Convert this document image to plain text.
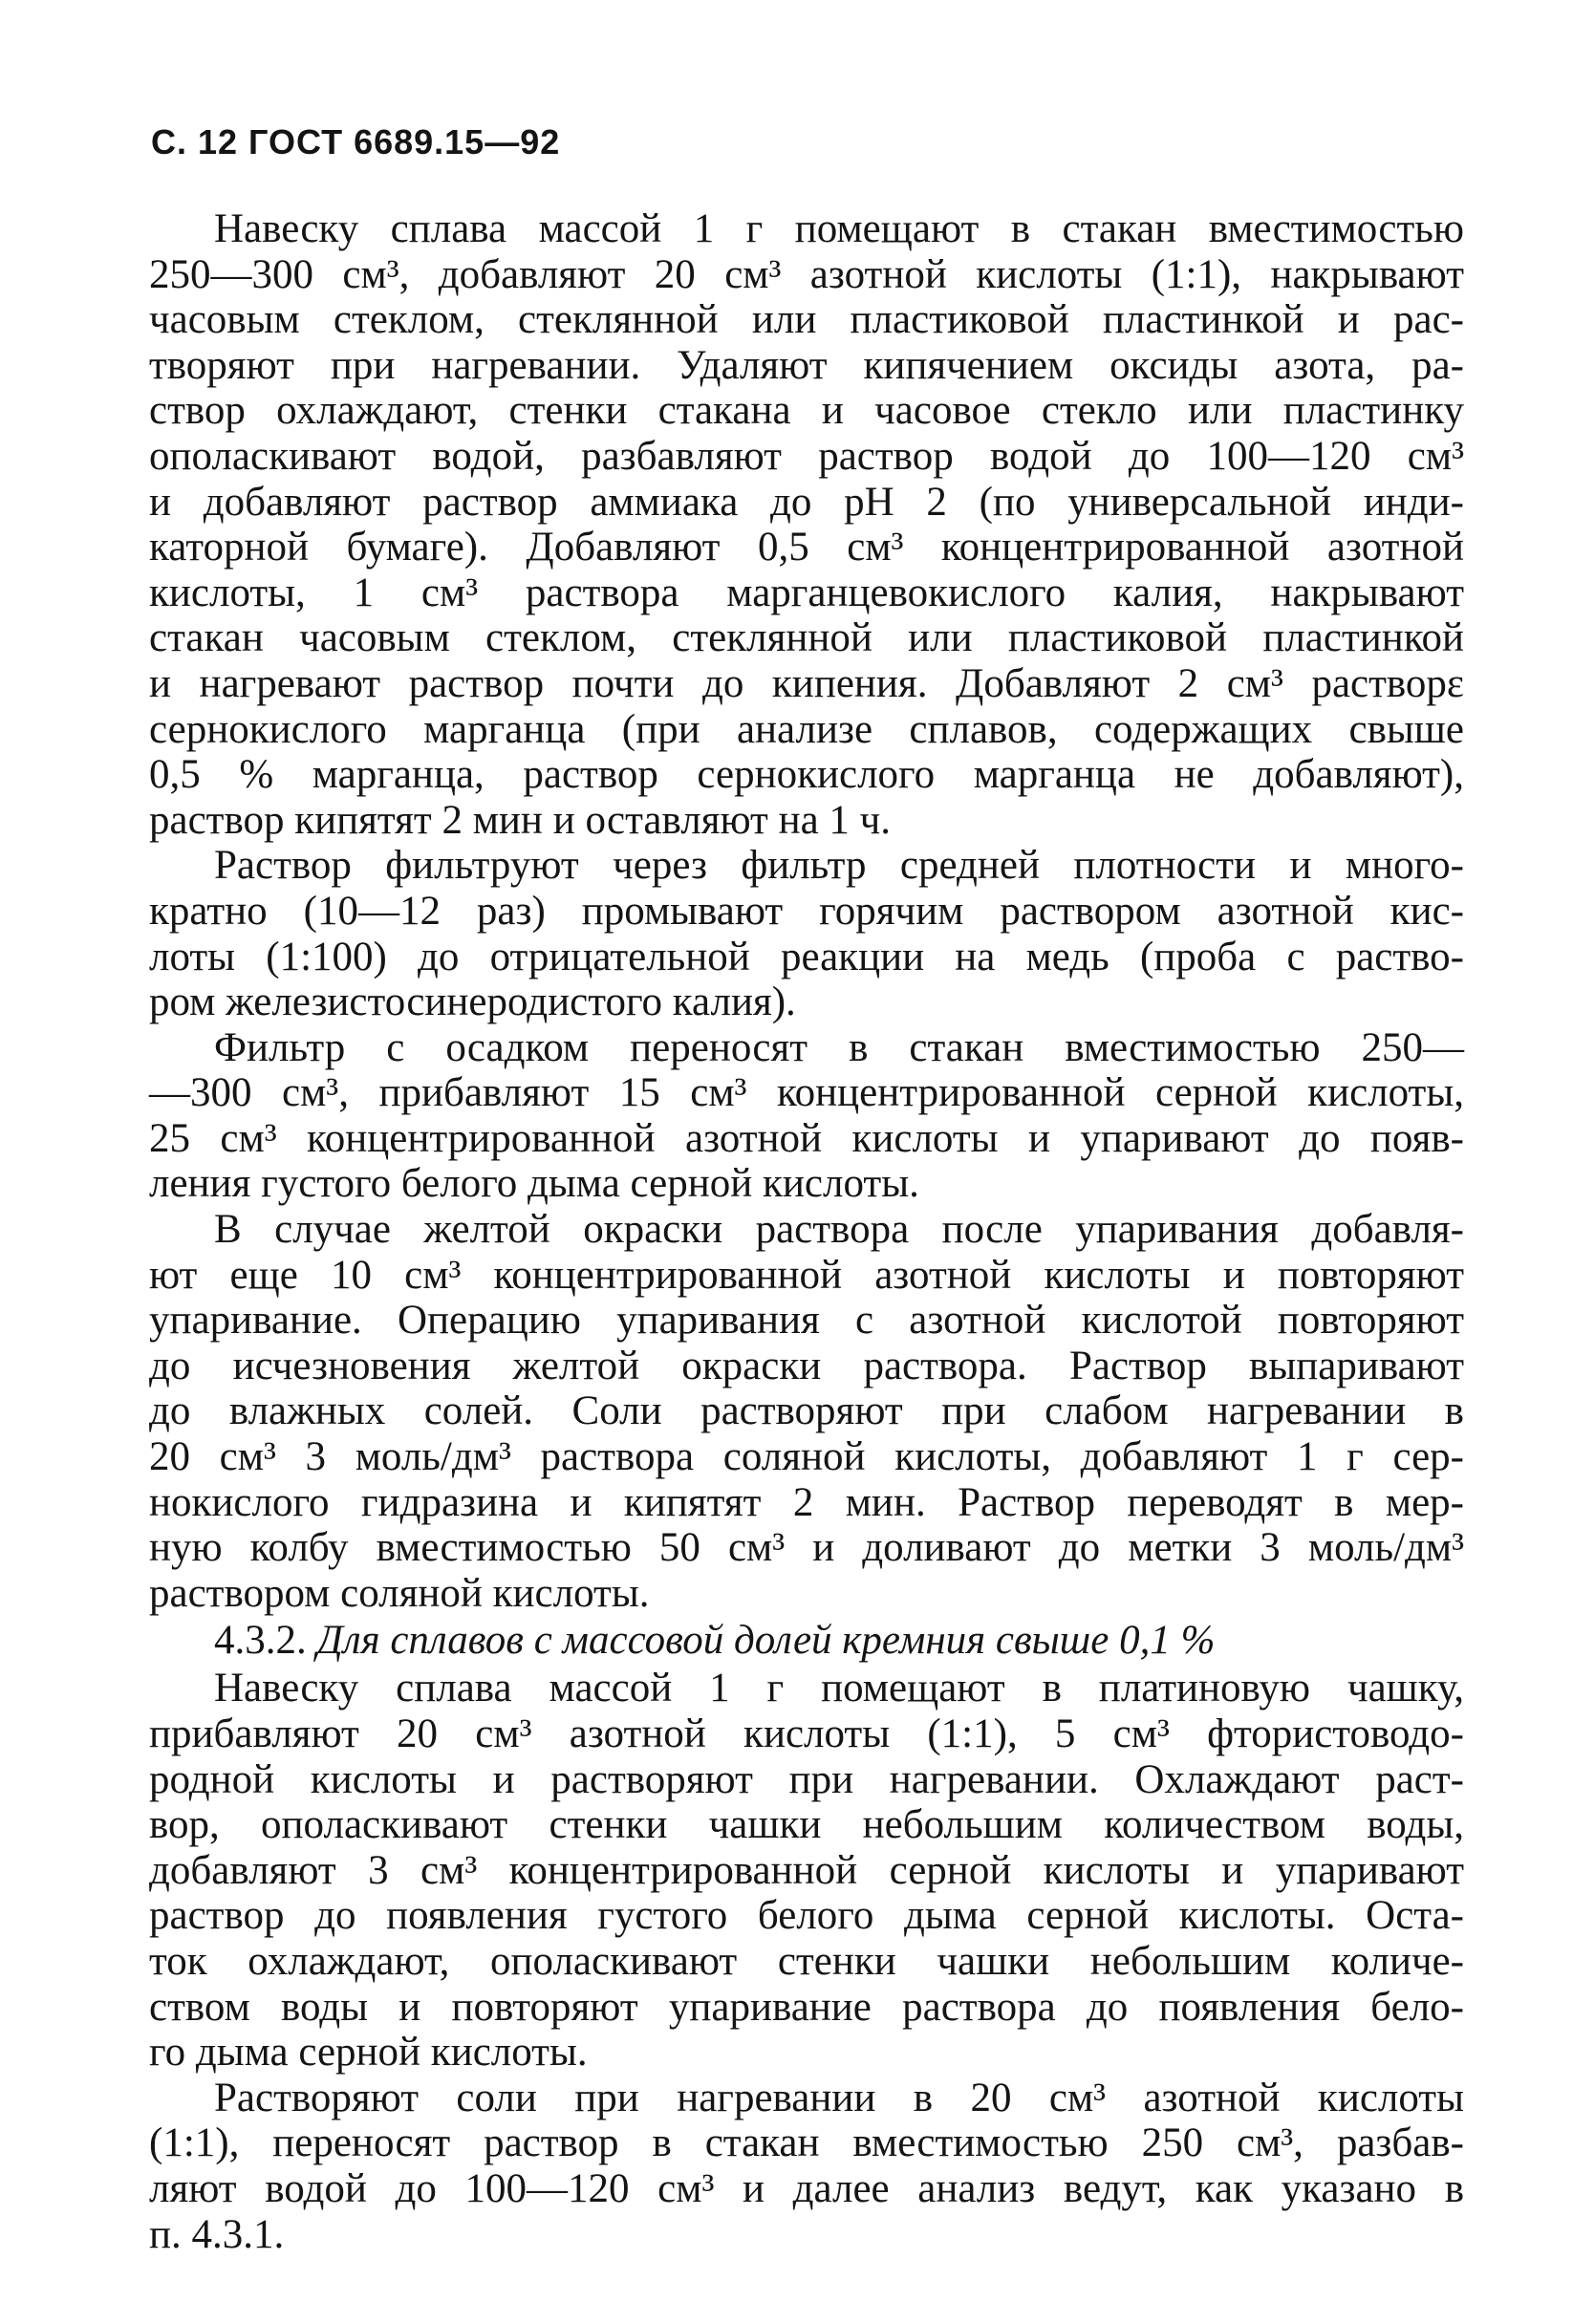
С. 12 ГОСТ 6689.15—92
Навеску сплава массой 1 г помещают в стакан вместимостью
250—300 см³, добавляют 20 см³ азотной кислоты (1:1), накрывают
часовым стеклом, стеклянной или пластиковой пластинкой и рас-
творяют при нагревании. Удаляют кипячением оксиды азота, ра-
створ охлаждают, стенки стакана и часовое стекло или пластинку
ополаскивают водой, разбавляют раствор водой до 100—120 см³
и добавляют раствор аммиака до pH 2 (по универсальной инди-
каторной бумаге). Добавляют 0,5 см³ концентрированной азотной
кислоты, 1 см³ раствора марганцевокислого калия, накрывают
стакан часовым стеклом, стеклянной или пластиковой пластинкой
и нагревают раствор почти до кипения. Добавляют 2 см³ растворε
сернокислого марганца (при анализе сплавов, содержащих свыше
0,5 % марганца, раствор сернокислого марганца не добавляют),
раствор кипятят 2 мин и оставляют на 1 ч.
Раствор фильтруют через фильтр средней плотности и много-
кратно (10—12 раз) промывают горячим раствором азотной кис-
лоты (1:100) до отрицательной реакции на медь (проба с раство-
ром железистосинеродистого калия).
Фильтр с осадком переносят в стакан вместимостью 250—
—300 см³, прибавляют 15 см³ концентрированной серной кислоты,
25 см³ концентрированной азотной кислоты и упаривают до появ-
ления густого белого дыма серной кислоты.
В случае желтой окраски раствора после упаривания добавля-
ют еще 10 см³ концентрированной азотной кислоты и повторяют
упаривание. Операцию упаривания с азотной кислотой повторяют
до исчезновения желтой окраски раствора. Раствор выпаривают
до влажных солей. Соли растворяют при слабом нагревании в
20 см³ 3 моль/дм³ раствора соляной кислоты, добавляют 1 г сер-
нокислого гидразина и кипятят 2 мин. Раствор переводят в мер-
ную колбу вместимостью 50 см³ и доливают до метки 3 моль/дм³
раствором соляной кислоты.
4.3.2. Для сплавов с массовой долей кремния свыше 0,1 %
Навеску сплава массой 1 г помещают в платиновую чашку,
прибавляют 20 см³ азотной кислоты (1:1), 5 см³ фтористоводо-
родной кислоты и растворяют при нагревании. Охлаждают раст-
вор, ополаскивают стенки чашки небольшим количеством воды,
добавляют 3 см³ концентрированной серной кислоты и упаривают
раствор до появления густого белого дыма серной кислоты. Оста-
ток охлаждают, ополаскивают стенки чашки небольшим количе-
ством воды и повторяют упаривание раствора до появления бело-
го дыма серной кислоты.
Растворяют соли при нагревании в 20 см³ азотной кислоты
(1:1), переносят раствор в стакан вместимостью 250 см³, разбав-
ляют водой до 100—120 см³ и далее анализ ведут, как указано в
п. 4.3.1.
